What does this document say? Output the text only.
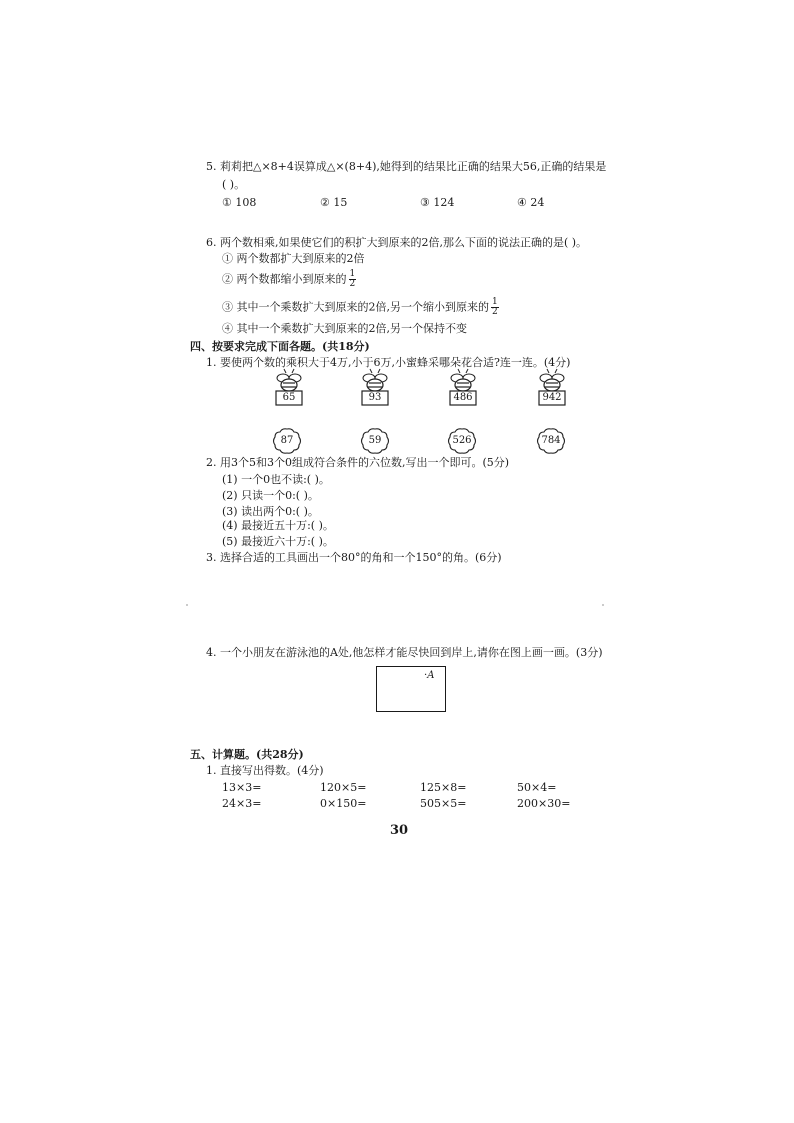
5. 莉莉把△×8+4误算成△×(8+4),她得到的结果比正确的结果大56,正确的结果是
( )。
① 108	② 15	③ 124	④ 24
6. 两个数相乘,如果使它们的积扩大到原来的2倍,那么下面的说法正确的是( )。
① 两个数都扩大到原来的2倍
② 两个数都缩小到原来的 $\frac{1}{2}$
③ 其中一个乘数扩大到原来的2倍,另一个缩小到原来的 $\frac{1}{2}$
④ 其中一个乘数扩大到原来的2倍,另一个保持不变
四、按要求完成下面各题。(共18分)
1. 要使两个数的乘积大于4万,小于6万,小蜜蜂采哪朵花合适?连一连。(4分)
65	93	486	942
87	59	526	784
2. 用3个5和3个0组成符合条件的六位数,写出一个即可。(5分)
(1) 一个0也不读:( )。
(2) 只读一个0:( )。
(3) 读出两个0:( )。
(4) 最接近五十万:( )。
(5) 最接近六十万:( )。
3. 选择合适的工具画出一个80°的角和一个150°的角。(6分)
4. 一个小朋友在游泳池的A处,他怎样才能尽快回到岸上,请你在图上画一画。(3分)
·A
五、计算题。(共28分)
1. 直接写出得数。(4分)
13×3=	120×5=	125×8=	50×4=
24×3=	0×150=	505×5=	200×30=
30
